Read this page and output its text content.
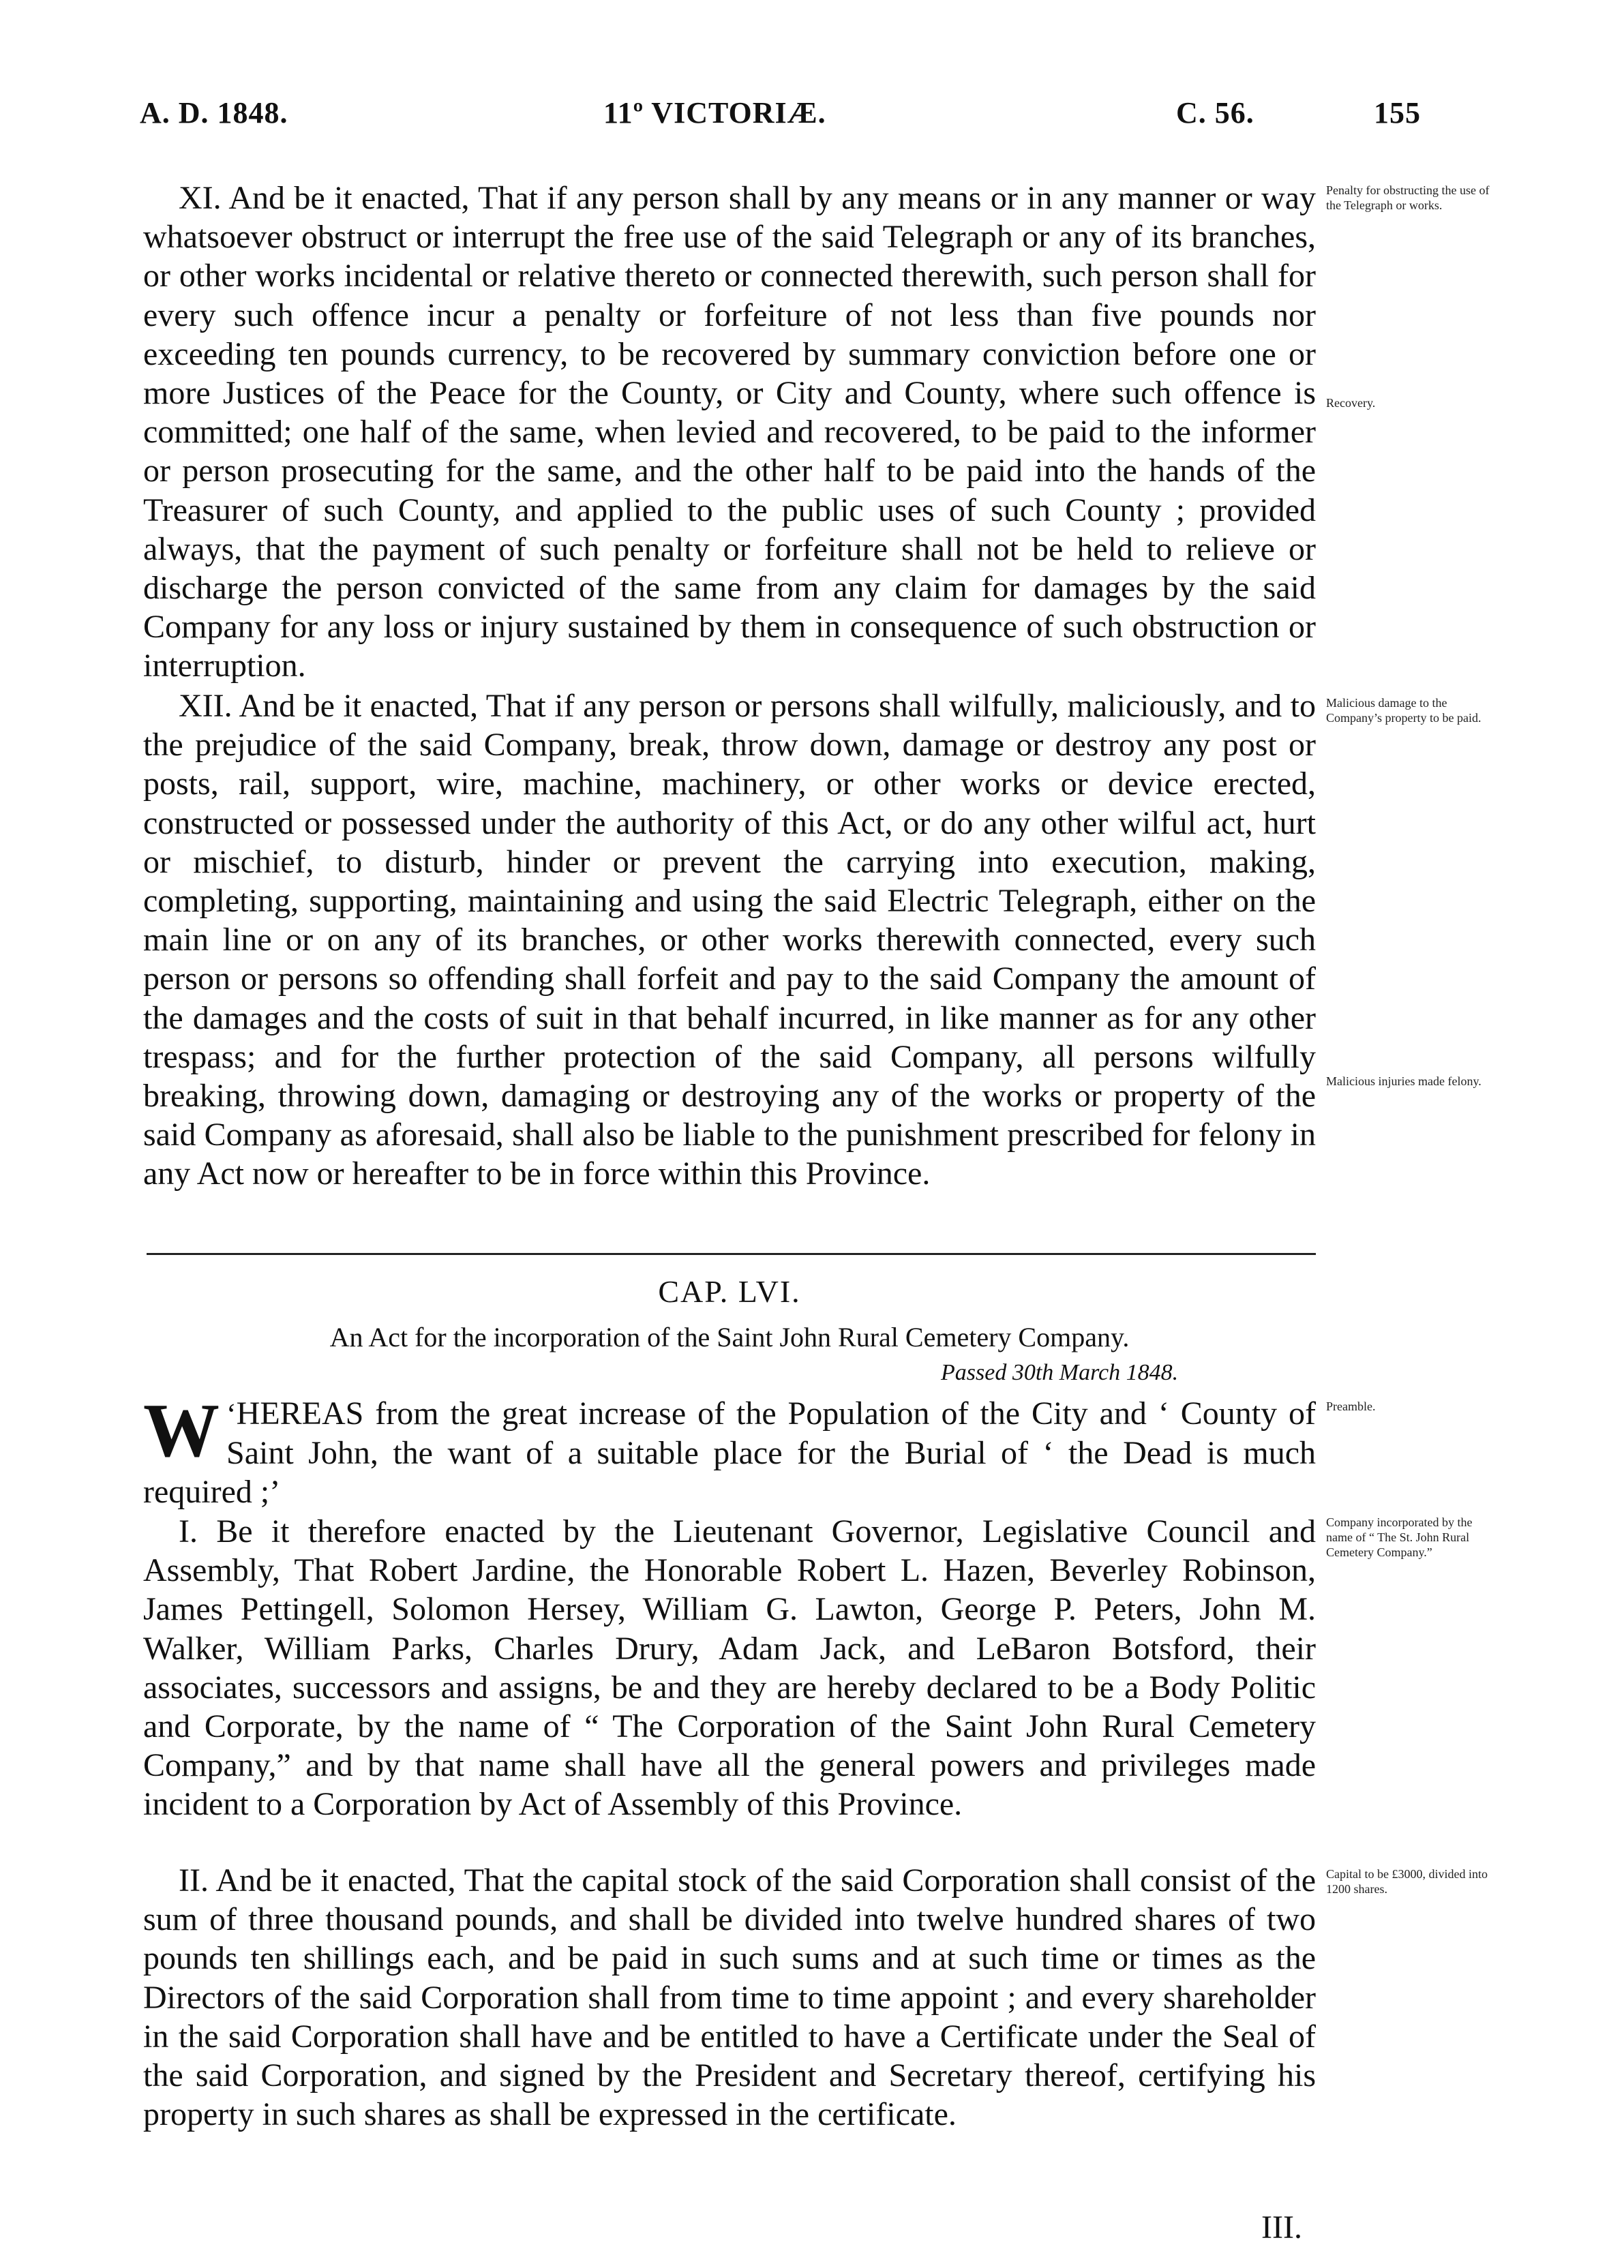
A. D. 1848.	11º VICTORIÆ.	C. 56.	155

XI. And be it enacted, That if any person shall by any means or in any manner or way whatsoever obstruct or interrupt the free use of the said Telegraph or any of its branches, or other works incidental or relative thereto or connected therewith, such person shall for every such offence incur a penalty or forfeiture of not less than five pounds nor exceeding ten pounds currency, to be recovered by summary conviction before one or more Justices of the Peace for the County, or City and County, where such offence is committed; one half of the same, when levied and recovered, to be paid to the informer or person prosecuting for the same, and the other half to be paid into the hands of the Treasurer of such County, and applied to the public uses of such County ; provided always, that the payment of such penalty or forfeiture shall not be held to relieve or discharge the person convicted of the same from any claim for damages by the said Company for any loss or injury sustained by them in consequence of such obstruction or interruption.

XII. And be it enacted, That if any person or persons shall wilfully, maliciously, and to the prejudice of the said Company, break, throw down, damage or destroy any post or posts, rail, support, wire, machine, machinery, or other works or device erected, constructed or possessed under the authority of this Act, or do any other wilful act, hurt or mischief, to disturb, hinder or prevent the carrying into execution, making, completing, supporting, maintaining and using the said Electric Telegraph, either on the main line or on any of its branches, or other works therewith connected, every such person or persons so offending shall forfeit and pay to the said Company the amount of the damages and the costs of suit in that behalf incurred, in like manner as for any other trespass; and for the further protection of the said Company, all persons wilfully breaking, throwing down, damaging or destroying any of the works or property of the said Company as aforesaid, shall also be liable to the punishment prescribed for felony in any Act now or hereafter to be in force within this Province.

CAP. LVI.
An Act for the incorporation of the Saint John Rural Cemetery Company.
Passed 30th March 1848.

‘
W HEREAS from the great increase of the Population of the City and ‘ County of Saint John, the want of a suitable place for the Burial of ‘ the Dead is much required ;’

I. Be it therefore enacted by the Lieutenant Governor, Legislative Council and Assembly, That Robert Jardine, the Honorable Robert L. Hazen, Beverley Robinson, James Pettingell, Solomon Hersey, William G. Lawton, George P. Peters, John M. Walker, William Parks, Charles Drury, Adam Jack, and LeBaron Botsford, their associates, successors and assigns, be and they are hereby declared to be a Body Politic and Corporate, by the name of “ The Corporation of the Saint John Rural Cemetery Company,” and by that name shall have all the general powers and privileges made incident to a Corporation by Act of Assembly of this Province.

II. And be it enacted, That the capital stock of the said Corporation shall consist of the sum of three thousand pounds, and shall be divided into twelve hundred shares of two pounds ten shillings each, and be paid in such sums and at such time or times as the Directors of the said Corporation shall from time to time appoint ; and every shareholder in the said Corporation shall have and be entitled to have a Certificate under the Seal of the said Corporation, and signed by the President and Secretary thereof, certifying his property in such shares as shall be expressed in the certificate.

III.
Penalty for obstructing the use of the Telegraph or works.
Recovery.
Malicious damage to the Company’s property to be paid.
Malicious injuries made felony.
Preamble.
Company incorporated by the name of “ The St. John Rural Cemetery Company.”
Capital to be £3000, divided into 1200 shares.
